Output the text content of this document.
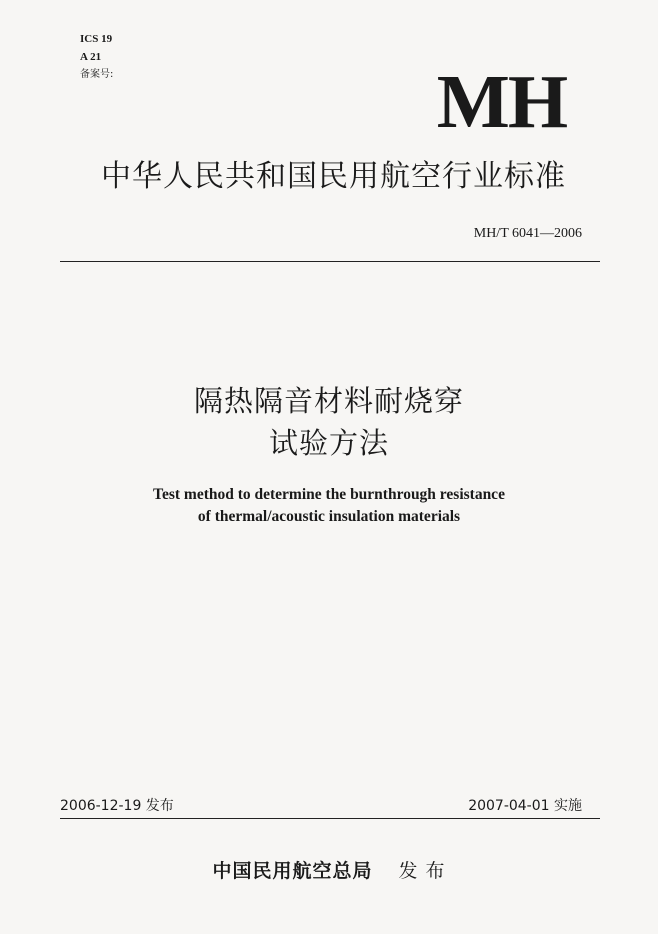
ICS 19
A 21
备案号:	MH
中华人民共和国民用航空行业标准
MH/T 6041—2006
隔热隔音材料耐烧穿
试验方法
Test method to determine the burnthrough resistance
of thermal/acoustic insulation materials
2006-12-19 发布	2007-04-01 实施
中国民用航空总局 发 布
